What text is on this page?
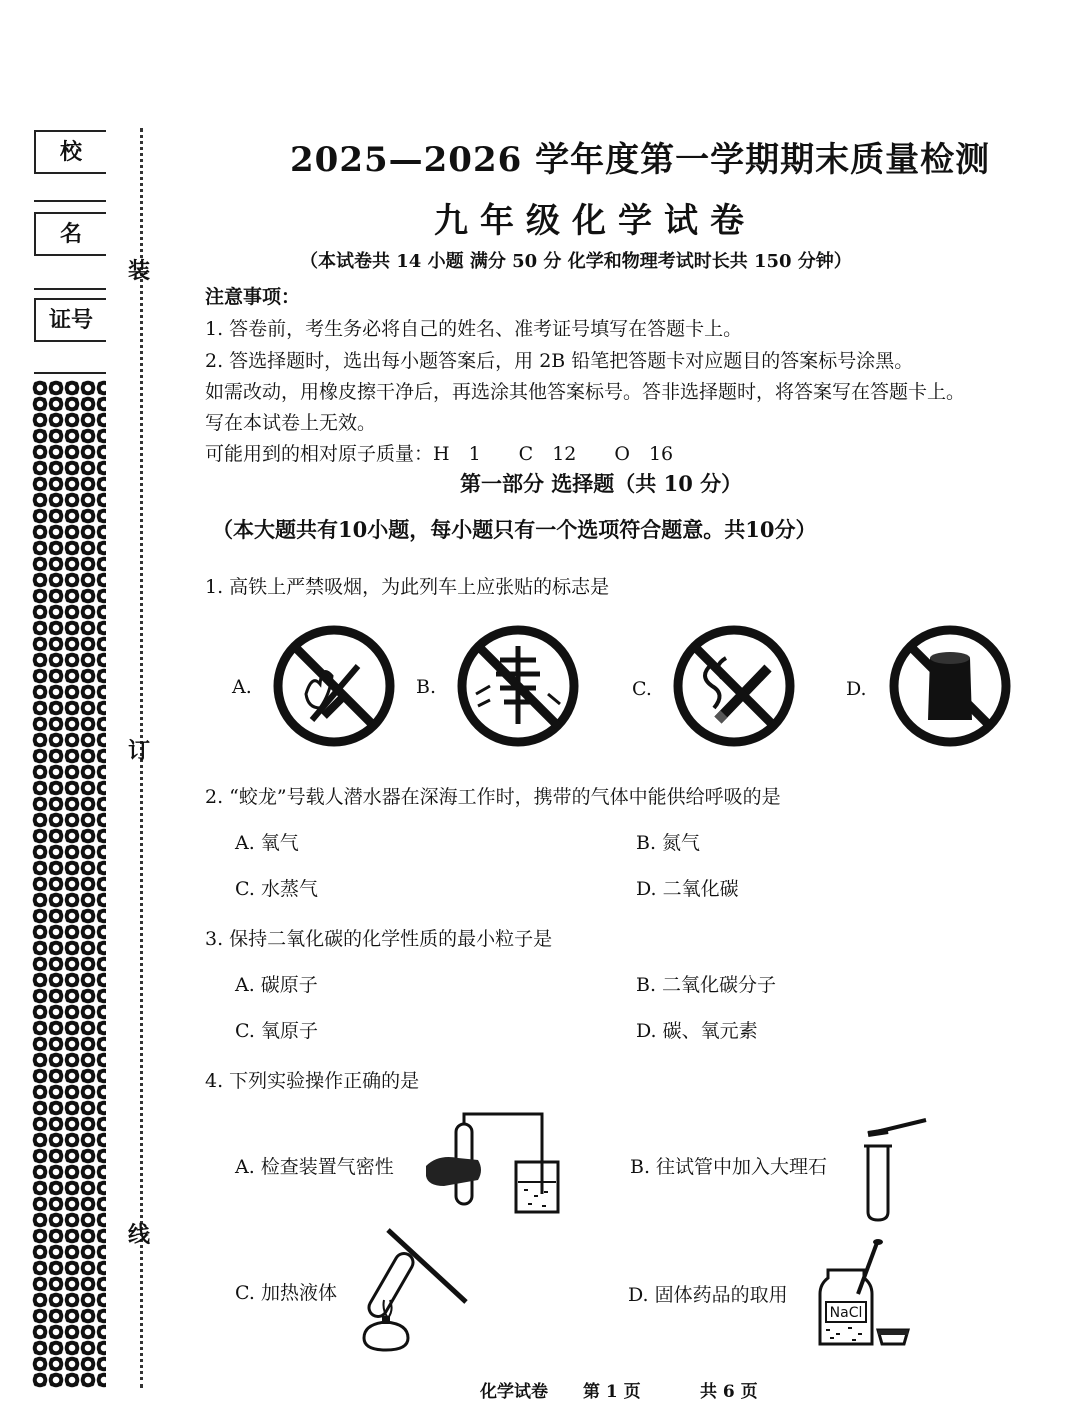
校
名
证号
装
订
线
2025—2026 学年度第一学期期末质量检测
九年级化学试卷
（本试卷共 14 小题 满分 50 分 化学和物理考试时长共 150 分钟）
注意事项：
1. 答卷前，考生务必将自己的姓名、准考证号填写在答题卡上。
2. 答选择题时，选出每小题答案后，用 2B 铅笔把答题卡对应题目的答案标号涂黑。
如需改动，用橡皮擦干净后，再选涂其他答案标号。答非选择题时，将答案写在答题卡上。
写在本试卷上无效。
可能用到的相对原子质量：H　1　　C　12　　O　16
第一部分 选择题（共 10 分）
（本大题共有10小题，每小题只有一个选项符合题意。共10分）
1. 高铁上严禁吸烟，为此列车上应张贴的标志是
A.	B.	C.	D.
2. “蛟龙”号载人潜水器在深海工作时，携带的气体中能供给呼吸的是
A. 氧气	B. 氮气
C. 水蒸气	D. 二氧化碳
3. 保持二氧化碳的化学性质的最小粒子是
A. 碳原子	B. 二氧化碳分子
C. 氧原子	D. 碳、氧元素
4. 下列实验操作正确的是
A. 检查装置气密性	B. 往试管中加入大理石
C. 加热液体	D. 固体药品的取用
NaCl
化学试卷 第 1 页	共 6 页
